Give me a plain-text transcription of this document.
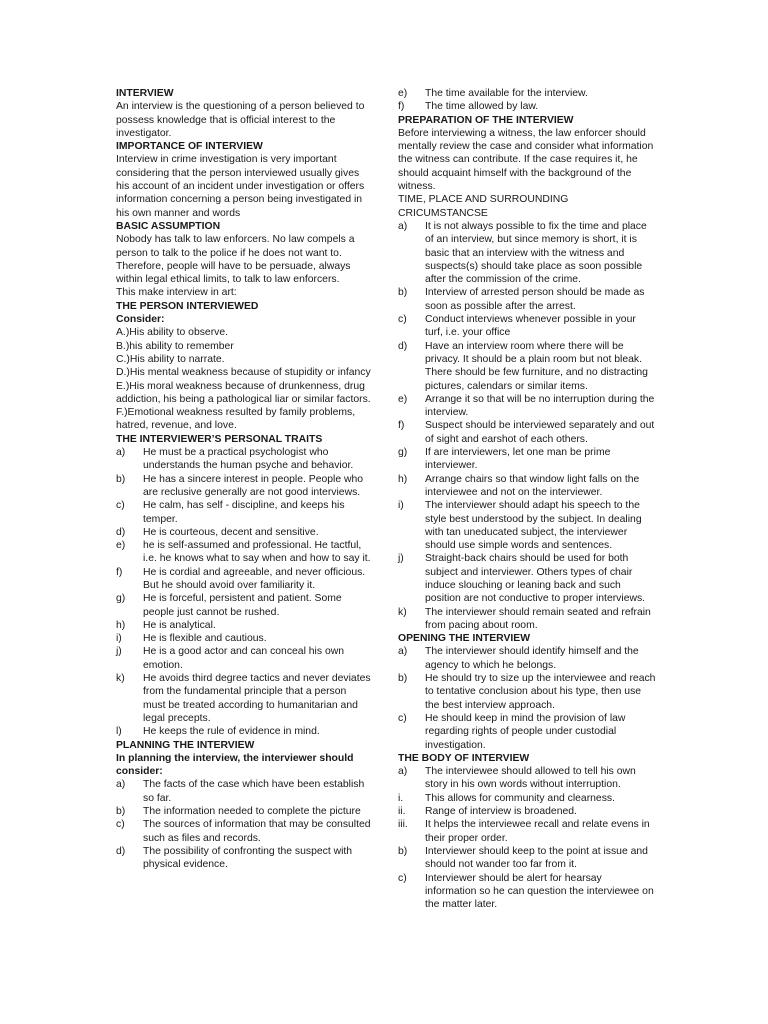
INTERVIEW
An interview is the questioning of a person believed to possess knowledge that is official interest to the investigator.
IMPORTANCE OF INTERVIEW
Interview in crime investigation is very important considering that the person interviewed usually gives his account of an incident under investigation or offers information concerning a person being investigated in his own manner and words
BASIC ASSUMPTION
Nobody has talk to law enforcers. No law compels a person to talk to the police if he does not want to. Therefore, people will have to be persuade, always within legal ethical limits, to talk to law enforcers.
This make interview in art:
THE PERSON INTERVIEWED
Consider:
A.)His ability to observe.
B.)his ability to remember
C.)His ability to narrate.
D.)His mental weakness because of stupidity or infancy
E.)His moral weakness because of drunkenness, drug addiction, his being a pathological liar or similar factors.
F.)Emotional weakness resulted by family problems, hatred, revenue, and love.
THE INTERVIEWER’S PERSONAL TRAITS
a)	He must be a practical psychologist who understands the human psyche and behavior.
b)	He has a sincere interest in people. People who are reclusive generally are not good interviews.
c)	He calm, has self - discipline, and keeps his temper.
d)	He is courteous, decent and sensitive.
e)	he is self-assumed and professional. He tactful, i.e. he knows what to say when and how to say it.
f)	He is cordial and agreeable, and never officious. But he should avoid over familiarity it.
g)	He is forceful, persistent and patient. Some people just cannot be rushed.
h)	He is analytical.
i)	He is flexible and cautious.
j)	He is a good actor and can conceal his own emotion.
k)	He avoids third degree tactics and never deviates from the fundamental principle that a person must be treated according to humanitarian and legal precepts.
l)	He keeps the rule of evidence in mind.
PLANNING THE INTERVIEW
In planning the interview, the interviewer should consider:
a)	The facts of the case which have been establish so far.
b)	The information needed to complete the picture
c)	The sources of information that may be consulted such as files and records.
d)	The possibility of confronting the suspect with physical evidence.
e)	The time available for the interview.
f)	The time allowed by law.
PREPARATION OF THE INTERVIEW
Before interviewing a witness, the law enforcer should mentally review the case and consider what information the witness can contribute. If the case requires it, he should acquaint himself with the background of the witness.
TIME, PLACE AND SURROUNDING CRICUMSTANCSE
a)	It is not always possible to fix the time and place of an interview, but since memory is short, it is basic that an interview with the witness and suspects(s) should take place as soon possible after the commission of the crime.
b)	Interview of arrested person should be made as soon as possible after the arrest.
c)	Conduct interviews whenever possible in your turf, i.e. your office
d)	Have an interview room where there will be privacy. It should be a plain room but not bleak. There should be few furniture, and no distracting pictures, calendars or similar items.
e)	Arrange it so that will be no interruption during the interview.
f)	Suspect should be interviewed separately and out of sight and earshot of each others.
g)	If are interviewers, let one man be prime interviewer.
h)	Arrange chairs so that window light falls on the interviewee and not on the interviewer.
i)	The interviewer should adapt his speech to the style best understood by the subject. In dealing with tan uneducated subject, the interviewer should use simple words and sentences.
j)	Straight-back chairs should be used for both subject and interviewer. Others types of chair induce slouching or leaning back and such position are not conductive to proper interviews.
k)	The interviewer should remain seated and refrain from pacing about room.
OPENING THE INTERVIEW
a)	The interviewer should identify himself and the agency to which he belongs.
b)	He should try to size up the interviewee and reach to tentative conclusion about his type, then use the best interview approach.
c)	He should keep in mind the provision of law regarding rights of people under custodial investigation.
THE BODY OF INTERVIEW
a)	The interviewee should allowed to tell his own story in his own words without interruption.
i.	This allows for community and clearness.
ii.	Range of interview is broadened.
iii.	It helps the interviewee recall and relate evens in their proper order.
b)	Interviewer should keep to the point at issue and should not wander too far from it.
c)	Interviewer should be alert for hearsay information so he can question the interviewee on the matter later.
